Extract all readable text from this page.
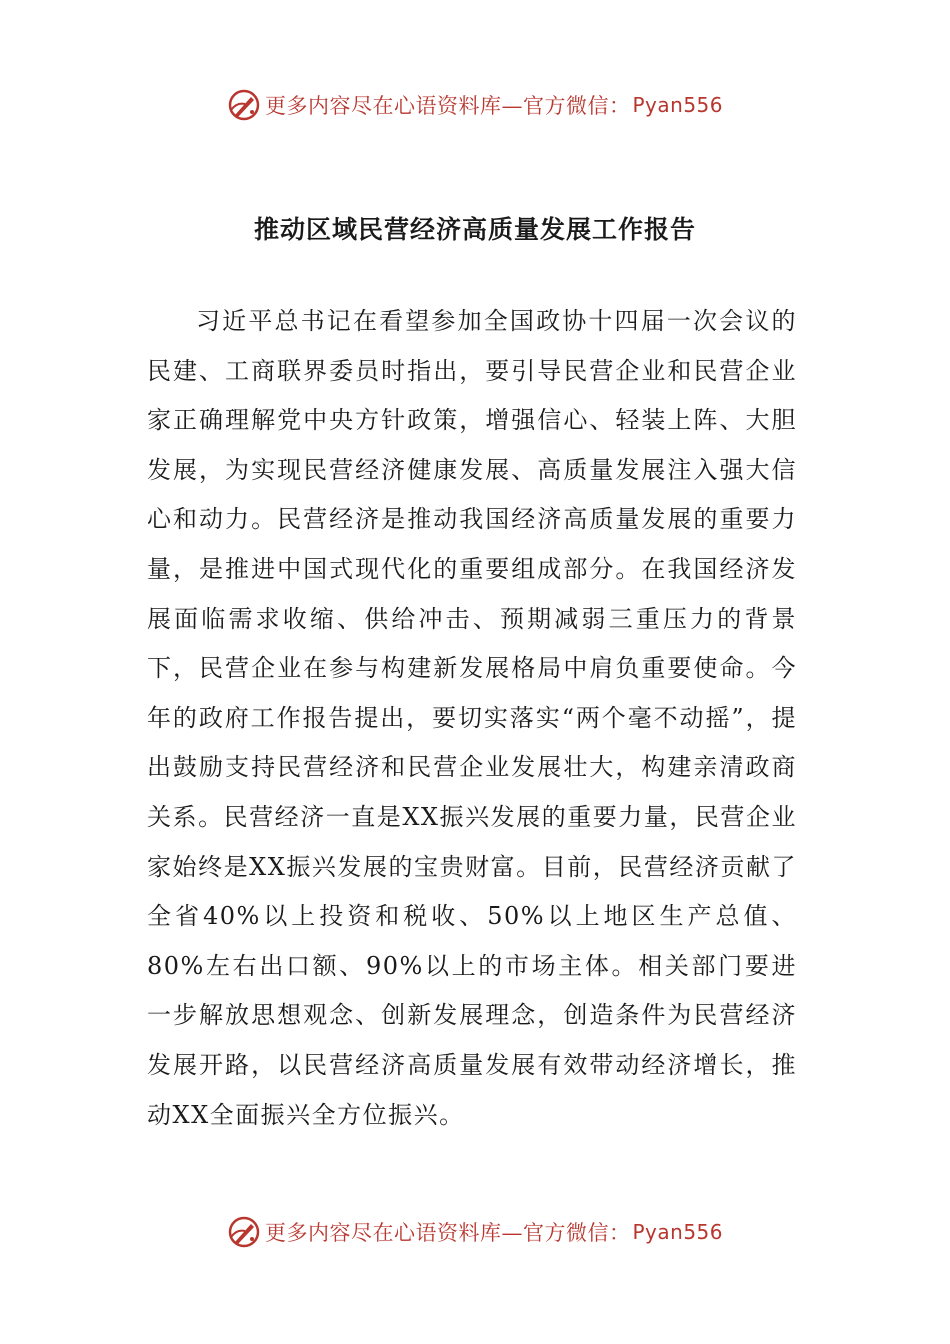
更多内容尽在心语资料库—官方微信： Pyan556
推动区域民营经济高质量发展工作报告

习近平总书记在看望参加全国政协十四届一次会议的民建、工商联界委员时指出，要引导民营企业和民营企业家正确理解党中央方针政策，增强信心、轻装上阵、大胆发展，为实现民营经济健康发展、高质量发展注入强大信心和动力。民营经济是推动我国经济高质量发展的重要力量，是推进中国式现代化的重要组成部分。在我国经济发展面临需求收缩、供给冲击、预期减弱三重压力的背景下，民营企业在参与构建新发展格局中肩负重要使命。今年的政府工作报告提出，要切实落实“两个毫不动摇”，提出鼓励支持民营经济和民营企业发展壮大，构建亲清政商关系。民营经济一直是XX振兴发展的重要力量，民营企业家始终是XX振兴发展的宝贵财富。目前，民营经济贡献了全省40%以上投资和税收、50%以上地区生产总值、80%左右出口额、90%以上的市场主体。相关部门要进一步解放思想观念、创新发展理念，创造条件为民营经济发展开路，以民营经济高质量发展有效带动经济增长，推动XX全面振兴全方位振兴。

更多内容尽在心语资料库—官方微信： Pyan556
